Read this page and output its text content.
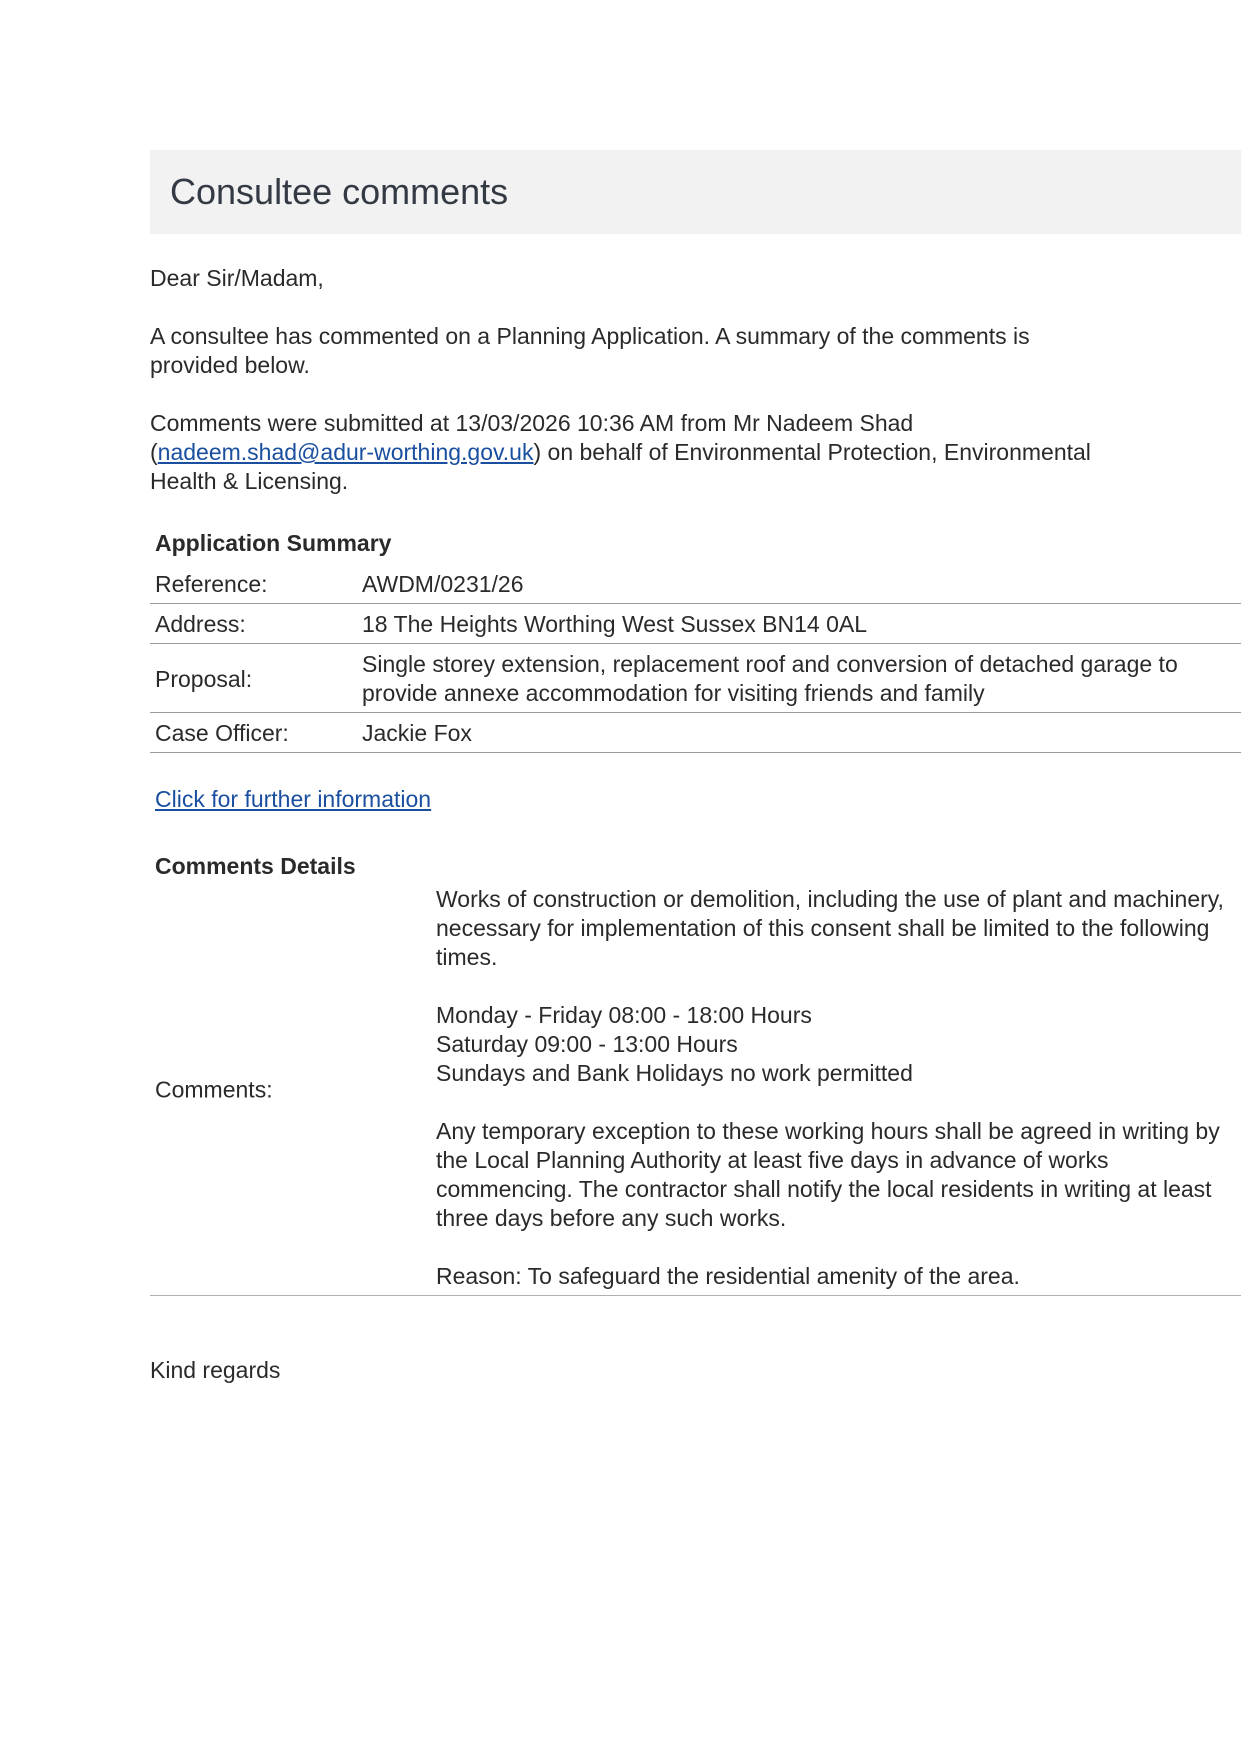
Consultee comments

Dear Sir/Madam,

A consultee has commented on a Planning Application. A summary of the comments is provided below.

Comments were submitted at 13/03/2026 10:36 AM from Mr Nadeem Shad (nadeem.shad@adur-worthing.gov.uk) on behalf of Environmental Protection, Environmental Health & Licensing.

Application Summary
Reference:	AWDM/0231/26
Address:	18 The Heights Worthing West Sussex BN14 0AL
Proposal:	Single storey extension, replacement roof and conversion of detached garage to provide annexe accommodation for visiting friends and family
Case Officer:	Jackie Fox
Click for further information
Comments Details
Comments:

Works of construction or demolition, including the use of plant and machinery, necessary for implementation of this consent shall be limited to the following times.

Monday - Friday 08:00 - 18:00 Hours
Saturday 09:00 - 13:00 Hours
Sundays and Bank Holidays no work permitted

Any temporary exception to these working hours shall be agreed in writing by the Local Planning Authority at least five days in advance of works commencing. The contractor shall notify the local residents in writing at least three days before any such works.

Reason: To safeguard the residential amenity of the area.

Kind regards
